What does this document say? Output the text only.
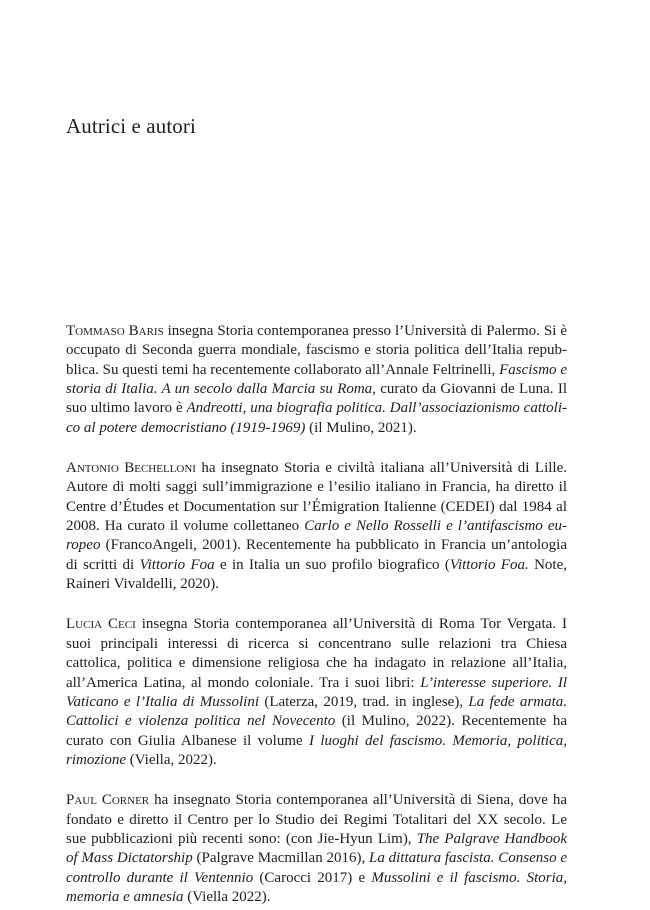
Autrici e autori

Tommaso Baris insegna Storia contemporanea presso l’Università di Palermo. Si è occupato di Seconda guerra mondiale, fascismo e storia politica dell’Italia repubblica. Su questi temi ha recentemente collaborato all’Annale Feltrinelli, Fascismo e storia di Italia. A un secolo dalla Marcia su Roma, curato da Giovanni de Luna. Il suo ultimo lavoro è Andreotti, una biografia politica. Dall’associazionismo cattolico al potere democristiano (1919-1969) (il Mulino, 2021).

Antonio Bechelloni ha insegnato Storia e civiltà italiana all’Università di Lille. Autore di molti saggi sull’immigrazione e l’esilio italiano in Francia, ha diretto il Centre d’Études et Documentation sur l’Émigration Italienne (CEDEI) dal 1984 al 2008. Ha curato il volume collettaneo Carlo e Nello Rosselli e l’antifascismo europeo (FrancoAngeli, 2001). Recentemente ha pubblicato in Francia un’antologia di scritti di Vittorio Foa e in Italia un suo profilo biografico (Vittorio Foa. Note, Raineri Vivaldelli, 2020).

Lucia Ceci insegna Storia contemporanea all’Università di Roma Tor Vergata. I suoi principali interessi di ricerca si concentrano sulle relazioni tra Chiesa cattolica, politica e dimensione religiosa che ha indagato in relazione all’Italia, all’America Latina, al mondo coloniale. Tra i suoi libri: L’interesse superiore. Il Vaticano e l’Italia di Mussolini (Laterza, 2019, trad. in inglese), La fede armata. Cattolici e violenza politica nel Novecento (il Mulino, 2022). Recentemente ha curato con Giulia Albanese il volume I luoghi del fascismo. Memoria, politica, rimozione (Viella, 2022).

Paul Corner ha insegnato Storia contemporanea all’Università di Siena, dove ha fondato e diretto il Centro per lo Studio dei Regimi Totalitari del XX secolo. Le sue pubblicazioni più recenti sono: (con Jie-Hyun Lim), The Palgrave Handbook of Mass Dictatorship (Palgrave Macmillan 2016), La dittatura fascista. Consenso e controllo durante il Ventennio (Carocci 2017) e Mussolini e il fascismo. Storia, memoria e amnesia (Viella 2022).
